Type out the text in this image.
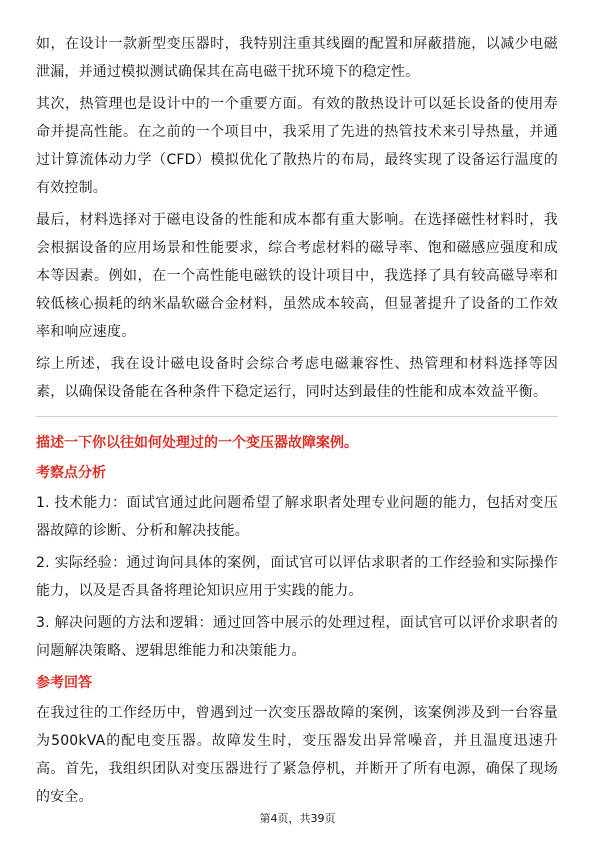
如，在设计一款新型变压器时，我特别注重其线圈的配置和屏蔽措施，以减少电磁泄漏，并通过模拟测试确保其在高电磁干扰环境下的稳定性。

其次，热管理也是设计中的一个重要方面。有效的散热设计可以延长设备的使用寿命并提高性能。在之前的一个项目中，我采用了先进的热管技术来引导热量，并通过计算流体动力学（CFD）模拟优化了散热片的布局，最终实现了设备运行温度的有效控制。

最后，材料选择对于磁电设备的性能和成本都有重大影响。在选择磁性材料时，我会根据设备的应用场景和性能要求，综合考虑材料的磁导率、饱和磁感应强度和成本等因素。例如，在一个高性能电磁铁的设计项目中，我选择了具有较高磁导率和较低核心损耗的纳米晶软磁合金材料，虽然成本较高，但显著提升了设备的工作效率和响应速度。

综上所述，我在设计磁电设备时会综合考虑电磁兼容性、热管理和材料选择等因素，以确保设备能在各种条件下稳定运行，同时达到最佳的性能和成本效益平衡。

描述一下你以往如何处理过的一个变压器故障案例。

考察点分析

1. 技术能力：面试官通过此问题希望了解求职者处理专业问题的能力，包括对变压器故障的诊断、分析和解决技能。

2. 实际经验：通过询问具体的案例，面试官可以评估求职者的工作经验和实际操作能力，以及是否具备将理论知识应用于实践的能力。

3. 解决问题的方法和逻辑：通过回答中展示的处理过程，面试官可以评价求职者的问题解决策略、逻辑思维能力和决策能力。

参考回答

在我过往的工作经历中，曾遇到过一次变压器故障的案例，该案例涉及到一台容量为500kVA的配电变压器。故障发生时，变压器发出异常噪音，并且温度迅速升高。首先，我组织团队对变压器进行了紧急停机，并断开了所有电源，确保了现场的安全。

第4页，共39页
